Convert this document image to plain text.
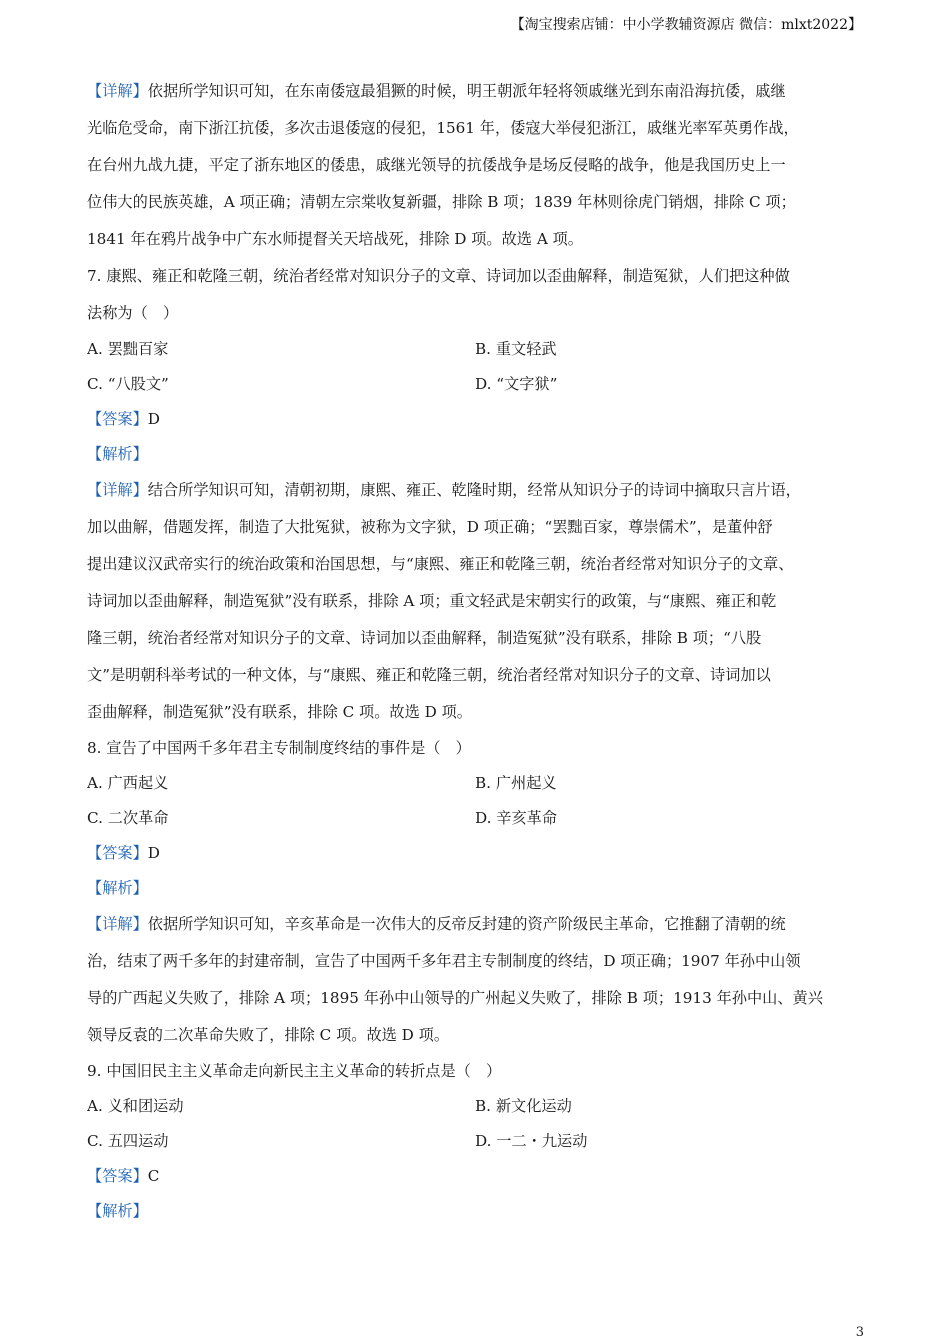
【淘宝搜索店铺：中小学教辅资源店 微信：mlxt2022】
【详解】依据所学知识可知，在东南倭寇最猖獗的时候，明王朝派年轻将领戚继光到东南沿海抗倭，戚继
光临危受命，南下浙江抗倭，多次击退倭寇的侵犯，1561 年，倭寇大举侵犯浙江，戚继光率军英勇作战，
在台州九战九捷，平定了浙东地区的倭患，戚继光领导的抗倭战争是场反侵略的战争，他是我国历史上一
位伟大的民族英雄，A 项正确；清朝左宗棠收复新疆，排除 B 项；1839 年林则徐虎门销烟，排除 C 项；
1841 年在鸦片战争中广东水师提督关天培战死，排除 D 项。故选 A 项。
7. 康熙、雍正和乾隆三朝，统治者经常对知识分子的文章、诗词加以歪曲解释，制造冤狱，人们把这种做
法称为（　）
A. 罢黜百家	B. 重文轻武
C. “八股文”	D. “文字狱”
【答案】D
【解析】
【详解】结合所学知识可知，清朝初期，康熙、雍正、乾隆时期，经常从知识分子的诗词中摘取只言片语，
加以曲解，借题发挥，制造了大批冤狱，被称为文字狱，D 项正确；“罢黜百家，尊崇儒术”，是董仲舒
提出建议汉武帝实行的统治政策和治国思想，与“康熙、雍正和乾隆三朝，统治者经常对知识分子的文章、
诗词加以歪曲解释，制造冤狱”没有联系，排除 A 项；重文轻武是宋朝实行的政策，与“康熙、雍正和乾
隆三朝，统治者经常对知识分子的文章、诗词加以歪曲解释，制造冤狱”没有联系，排除 B 项；“八股
文”是明朝科举考试的一种文体，与“康熙、雍正和乾隆三朝，统治者经常对知识分子的文章、诗词加以
歪曲解释，制造冤狱”没有联系，排除 C 项。故选 D 项。
8. 宣告了中国两千多年君主专制制度终结的事件是（　）
A. 广西起义	B. 广州起义
C. 二次革命	D. 辛亥革命
【答案】D
【解析】
【详解】依据所学知识可知，辛亥革命是一次伟大的反帝反封建的资产阶级民主革命，它推翻了清朝的统
治，结束了两千多年的封建帝制，宣告了中国两千多年君主专制制度的终结，D 项正确；1907 年孙中山领
导的广西起义失败了，排除 A 项；1895 年孙中山领导的广州起义失败了，排除 B 项；1913 年孙中山、黄兴
领导反袁的二次革命失败了，排除 C 项。故选 D 项。
9. 中国旧民主主义革命走向新民主主义革命的转折点是（　）
A. 义和团运动	B. 新文化运动
C. 五四运动	D. 一二・九运动
【答案】C
【解析】
3
